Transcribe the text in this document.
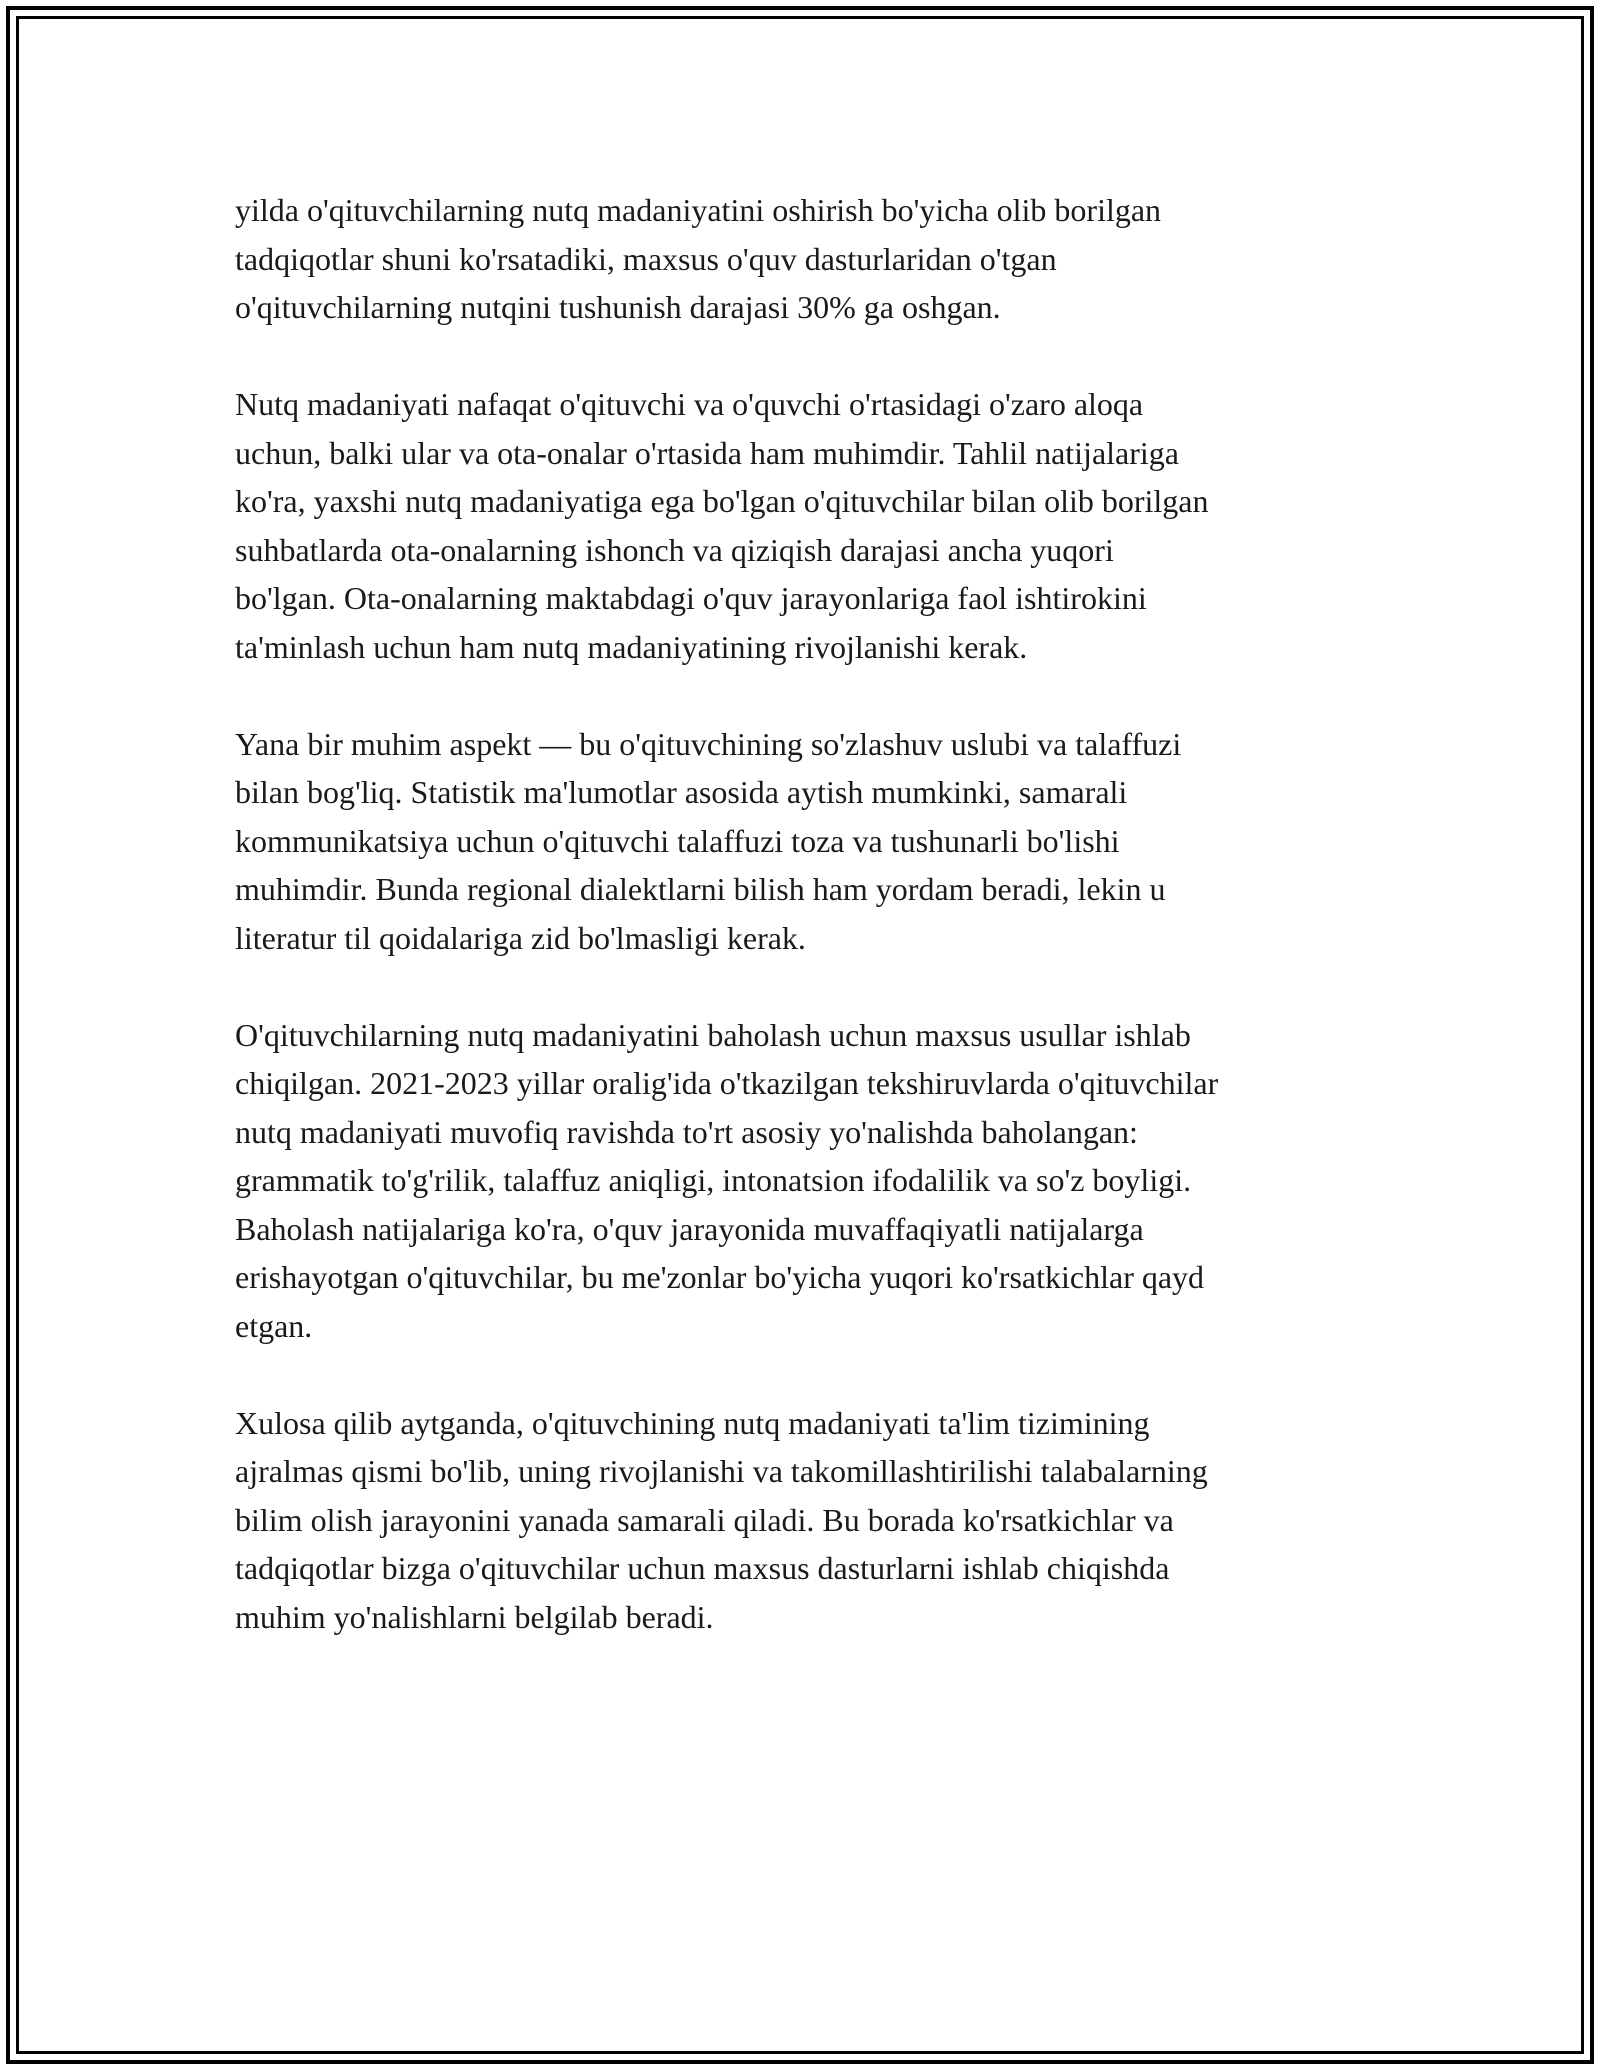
yilda o'qituvchilarning nutq madaniyatini oshirish bo'yicha olib borilgan
tadqiqotlar shuni ko'rsatadiki, maxsus o'quv dasturlaridan o'tgan
o'qituvchilarning nutqini tushunish darajasi 30% ga oshgan.

Nutq madaniyati nafaqat o'qituvchi va o'quvchi o'rtasidagi o'zaro aloqa
uchun, balki ular va ota-onalar o'rtasida ham muhimdir. Tahlil natijalariga
ko'ra, yaxshi nutq madaniyatiga ega bo'lgan o'qituvchilar bilan olib borilgan
suhbatlarda ota-onalarning ishonch va qiziqish darajasi ancha yuqori
bo'lgan. Ota-onalarning maktabdagi o'quv jarayonlariga faol ishtirokini
ta'minlash uchun ham nutq madaniyatining rivojlanishi kerak.

Yana bir muhim aspekt — bu o'qituvchining so'zlashuv uslubi va talaffuzi
bilan bog'liq. Statistik ma'lumotlar asosida aytish mumkinki, samarali
kommunikatsiya uchun o'qituvchi talaffuzi toza va tushunarli bo'lishi
muhimdir. Bunda regional dialektlarni bilish ham yordam beradi, lekin u
literatur til qoidalariga zid bo'lmasligi kerak.

O'qituvchilarning nutq madaniyatini baholash uchun maxsus usullar ishlab
chiqilgan. 2021-2023 yillar oralig'ida o'tkazilgan tekshiruvlarda o'qituvchilar
nutq madaniyati muvofiq ravishda to'rt asosiy yo'nalishda baholangan:
grammatik to'g'rilik, talaffuz aniqligi, intonatsion ifodalilik va so'z boyligi.
Baholash natijalariga ko'ra, o'quv jarayonida muvaffaqiyatli natijalarga
erishayotgan o'qituvchilar, bu me'zonlar bo'yicha yuqori ko'rsatkichlar qayd
etgan.

Xulosa qilib aytganda, o'qituvchining nutq madaniyati ta'lim tizimining
ajralmas qismi bo'lib, uning rivojlanishi va takomillashtirilishi talabalarning
bilim olish jarayonini yanada samarali qiladi. Bu borada ko'rsatkichlar va
tadqiqotlar bizga o'qituvchilar uchun maxsus dasturlarni ishlab chiqishda
muhim yo'nalishlarni belgilab beradi.
